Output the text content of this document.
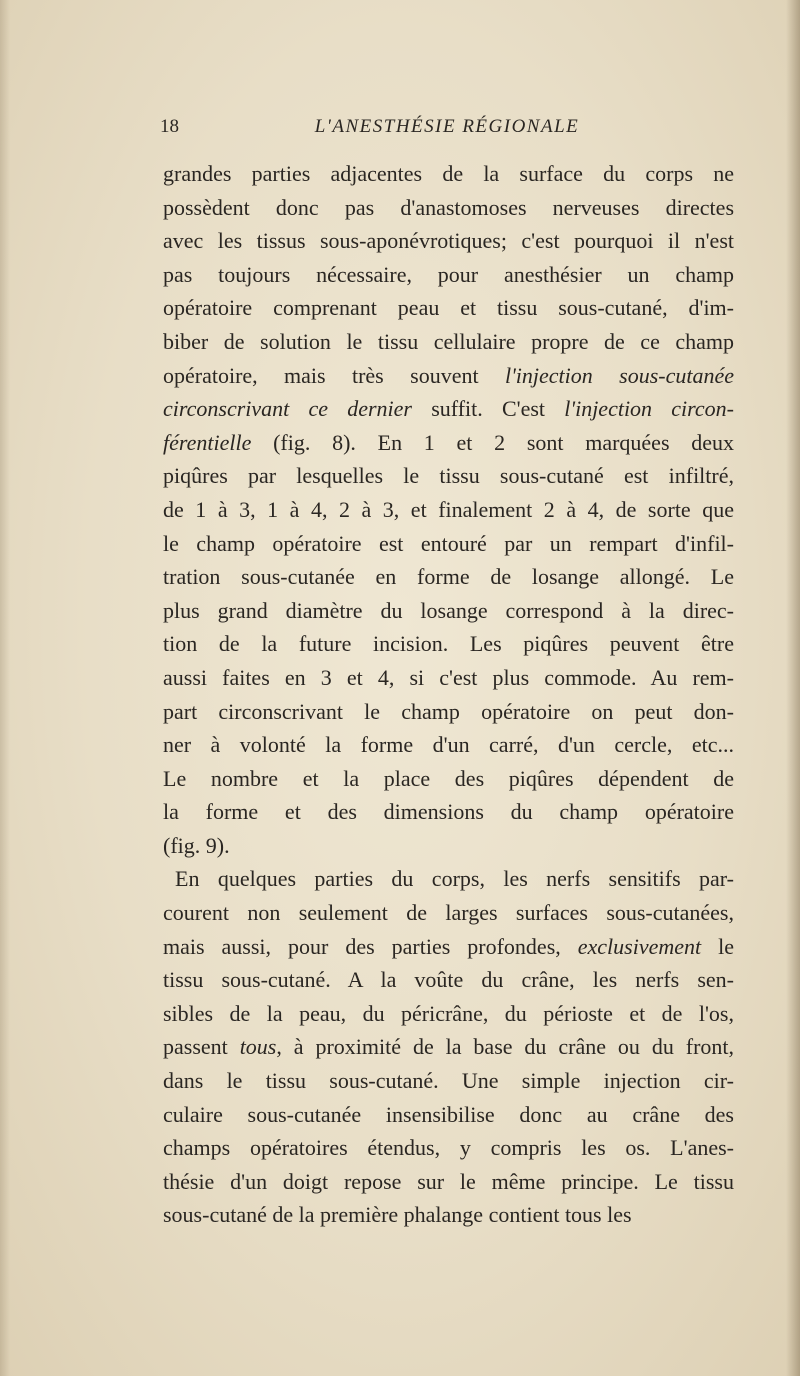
18	L'ANESTHÉSIE RÉGIONALE
grandes parties adjacentes de la surface du corps ne
possèdent donc pas d'anastomoses nerveuses directes
avec les tissus sous-aponévrotiques; c'est pourquoi il n'est
pas toujours nécessaire, pour anesthésier un champ
opératoire comprenant peau et tissu sous-cutané, d'im-
biber de solution le tissu cellulaire propre de ce champ
opératoire, mais très souvent l'injection sous-cutanée
circonscrivant ce dernier suffit. C'est l'injection circon-
férentielle (fig. 8). En 1 et 2 sont marquées deux
piqûres par lesquelles le tissu sous-cutané est infiltré,
de 1 à 3, 1 à 4, 2 à 3, et finalement 2 à 4, de sorte que
le champ opératoire est entouré par un rempart d'infil-
tration sous-cutanée en forme de losange allongé. Le
plus grand diamètre du losange correspond à la direc-
tion de la future incision. Les piqûres peuvent être
aussi faites en 3 et 4, si c'est plus commode. Au rem-
part circonscrivant le champ opératoire on peut don-
ner à volonté la forme d'un carré, d'un cercle, etc...
Le nombre et la place des piqûres dépendent de
la forme et des dimensions du champ opératoire
(fig. 9).
En quelques parties du corps, les nerfs sensitifs par-
courent non seulement de larges surfaces sous-cutanées,
mais aussi, pour des parties profondes, exclusivement le
tissu sous-cutané. A la voûte du crâne, les nerfs sen-
sibles de la peau, du péricrâne, du périoste et de l'os,
passent tous, à proximité de la base du crâne ou du front,
dans le tissu sous-cutané. Une simple injection cir-
culaire sous-cutanée insensibilise donc au crâne des
champs opératoires étendus, y compris les os. L'anes-
thésie d'un doigt repose sur le même principe. Le tissu
sous-cutané de la première phalange contient tous les
